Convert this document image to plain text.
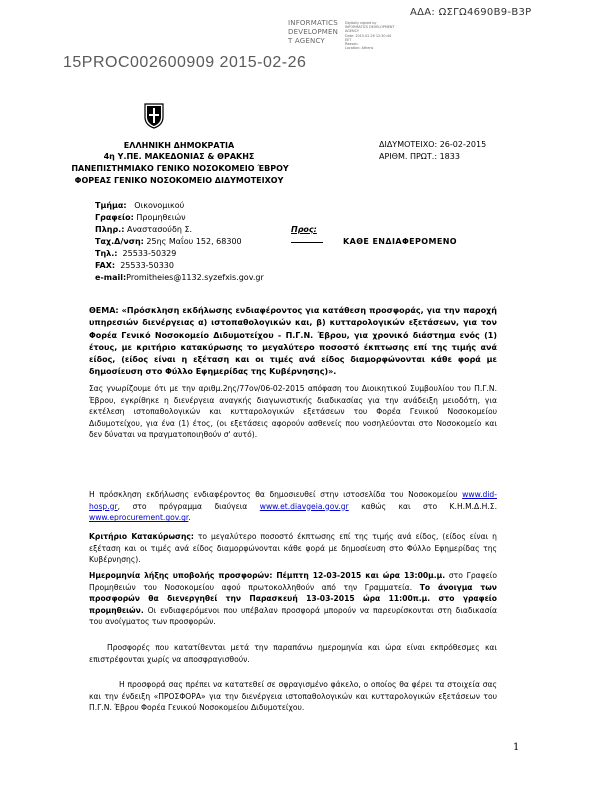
ΑΔΑ: ΩΣΓΩ4690Β9-Β3Ρ
INFORMATICS
DEVELOPMEN
T AGENCY
Digitally signed by
INFORMATICS DEVELOPMENT AGENCY
Date: 2015.02.26 12:30:44
EET
Reason:
Location: Athens
15PROC002600909 2015-02-26
ΕΛΛΗΝΙΚΗ ΔΗΜΟΚΡΑΤΙΑ
4η Υ.ΠΕ. ΜΑΚΕΔΟΝΙΑΣ & ΘΡΑΚΗΣ
ΠΑΝΕΠΙΣΤΗΜΙΑΚΟ ΓΕΝΙΚΟ ΝΟΣΟΚΟΜΕΙΟ ΈΒΡΟΥ
ΦΟΡΕΑΣ ΓΕΝΙΚΟ ΝΟΣΟΚΟΜΕΙΟ ΔΙΔΥΜΟΤΕΙΧΟΥ
ΔΙΔΥΜΟΤΕΙΧΟ: 26-02-2015
ΑΡΙΘΜ. ΠΡΩΤ.: 1833
Τμήμα: Οικονομικού
Γραφείο: Προμηθειών
Πληρ.: Αναστασούδη Σ.
Ταχ.Δ/νση: 25ης Μαΐου 152, 68300
Τηλ.: 25533-50329
FAX: 25533-50330
e-mail:Promitheies@1132.syzefxis.gov.gr
Προς:
ΚΑΘΕ ΕΝΔΙΑΦΕΡΟΜΕΝΟ
ΘΕΜΑ: «Πρόσκληση εκδήλωσης ενδιαφέροντος για κατάθεση προσφοράς, για την παροχή υπηρεσιών διενέργειας α) ιστοπαθολογικών και, β) κυτταρολογικών εξετάσεων, για τον Φορέα Γενικό Νοσοκομείο Διδυμοτείχου - Π.Γ.Ν. Έβρου, για χρονικό διάστημα ενός (1) έτους, με κριτήριο κατακύρωσης το μεγαλύτερο ποσοστό έκπτωσης επί της τιμής ανά είδος, (είδος είναι η εξέταση και οι τιμές ανά είδος διαμορφώνονται κάθε φορά με δημοσίευση στο Φύλλο Εφημερίδας της Κυβέρνησης)».
Σας γνωρίζουμε ότι με την αριθμ.2ης/77ον/06-02-2015 απόφαση του Διοικητικού Συμβουλίου του Π.Γ.Ν. Έβρου, εγκρίθηκε η διενέργεια αναγκής διαγωνιστικής διαδικασίας για την ανάδειξη μειοδότη, για εκτέλεση ιστοπαθολογικών και κυτταρολογικών εξετάσεων του Φορέα Γενικού Νοσοκομείου Διδυμοτείχου, για ένα (1) έτος, (οι εξετάσεις αφορούν ασθενείς που νοσηλεύονται στο Νοσοκομείο και δεν δύναται να πραγματοποιηθούν σ' αυτό).
Η πρόσκληση εκδήλωσης ενδιαφέροντος θα δημοσιευθεί στην ιστοσελίδα του Νοσοκομείου www.did-hosp.gr, στο πρόγραμμα διαύγεια www.et.diavgeia.gov.gr καθώς και στο Κ.Η.Μ.Δ.Η.Σ. www.eprocurement.gov.gr.
Κριτήριο Κατακύρωσης: το μεγαλύτερο ποσοστό έκπτωσης επί της τιμής ανά είδος, (είδος είναι η εξέταση και οι τιμές ανά είδος διαμορφώνονται κάθε φορά με δημοσίευση στο Φύλλο Εφημερίδας της Κυβέρνησης).
Ημερομηνία λήξης υποβολής προσφορών: Πέμπτη 12-03-2015 και ώρα 13:00μ.μ. στο Γραφείο Προμηθειών του Νοσοκομείου αφού πρωτοκολληθούν από την Γραμματεία. Το άνοιγμα των προσφορών θα διενεργηθεί την Παρασκευή 13-03-2015 ώρα 11:00π.μ. στο γραφείο προμηθειών. Οι ενδιαφερόμενοι που υπέβαλαν προσφορά μπορούν να παρευρίσκονται στη διαδικασία του ανοίγματος των προσφορών.
Προσφορές που κατατίθενται μετά την παραπάνω ημερομηνία και ώρα είναι εκπρόθεσμες και επιστρέφονται χωρίς να αποσφραγισθούν.
Η προσφορά σας πρέπει να κατατεθεί σε σφραγισμένο φάκελο, ο οποίος θα φέρει τα στοιχεία σας και την ένδειξη «ΠΡΟΣΦΟΡΑ» για την διενέργεια ιστοπαθολογικών και κυτταρολογικών εξετάσεων του Π.Γ.Ν. Έβρου Φορέα Γενικού Νοσοκομείου Διδυμοτείχου.
1
